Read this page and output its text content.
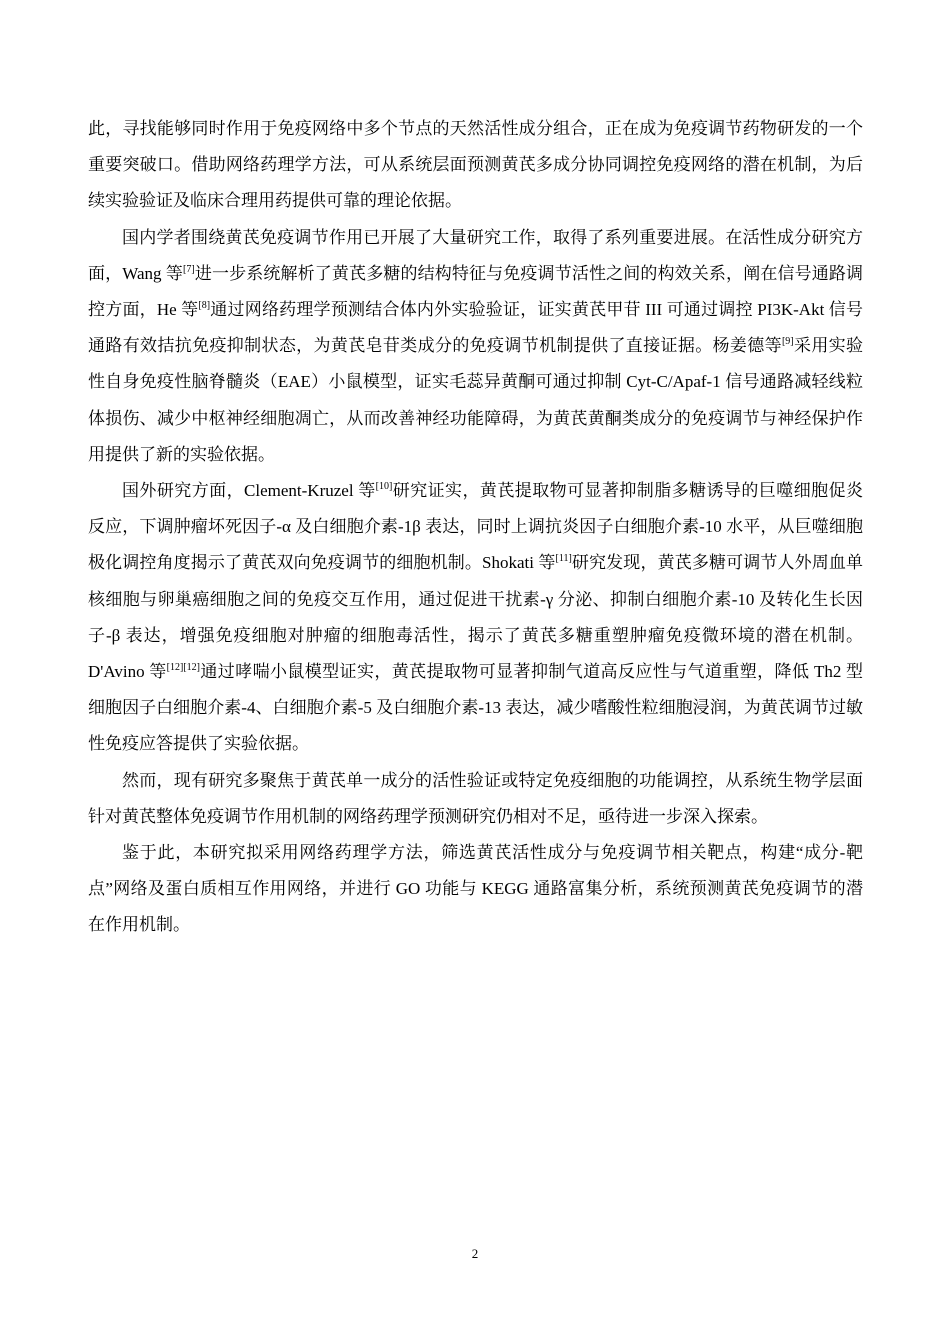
此，寻找能够同时作用于免疫网络中多个节点的天然活性成分组合，正在成为免疫调节药物研发的一个重要突破口。借助网络药理学方法，可从系统层面预测黄芪多成分协同调控免疫网络的潜在机制，为后续实验验证及临床合理用药提供可靠的理论依据。

国内学者围绕黄芪免疫调节作用已开展了大量研究工作，取得了系列重要进展。在活性成分研究方面，Wang 等[7]进一步系统解析了黄芪多糖的结构特征与免疫调节活性之间的构效关系，阐在信号通路调控方面，He 等[8]通过网络药理学预测结合体内外实验验证，证实黄芪甲苷 III 可通过调控 PI3K-Akt 信号通路有效拮抗免疫抑制状态，为黄芪皂苷类成分的免疫调节机制提供了直接证据。杨姜德等[9]采用实验性自身免疫性脑脊髓炎（EAE）小鼠模型，证实毛蕊异黄酮可通过抑制 Cyt-C/Apaf-1 信号通路减轻线粒体损伤、减少中枢神经细胞凋亡，从而改善神经功能障碍，为黄芪黄酮类成分的免疫调节与神经保护作用提供了新的实验依据。

国外研究方面，Clement-Kruzel 等[10]研究证实，黄芪提取物可显著抑制脂多糖诱导的巨噬细胞促炎反应，下调肿瘤坏死因子-α 及白细胞介素-1β 表达，同时上调抗炎因子白细胞介素-10 水平，从巨噬细胞极化调控角度揭示了黄芪双向免疫调节的细胞机制。Shokati 等[11]研究发现，黄芪多糖可调节人外周血单核细胞与卵巢癌细胞之间的免疫交互作用，通过促进干扰素-γ 分泌、抑制白细胞介素-10 及转化生长因子-β 表达，增强免疫细胞对肿瘤的细胞毒活性，揭示了黄芪多糖重塑肿瘤免疫微环境的潜在机制。D'Avino 等[12][12]通过哮喘小鼠模型证实，黄芪提取物可显著抑制气道高反应性与气道重塑，降低 Th2 型细胞因子白细胞介素-4、白细胞介素-5 及白细胞介素-13 表达，减少嗜酸性粒细胞浸润，为黄芪调节过敏性免疫应答提供了实验依据。

然而，现有研究多聚焦于黄芪单一成分的活性验证或特定免疫细胞的功能调控，从系统生物学层面针对黄芪整体免疫调节作用机制的网络药理学预测研究仍相对不足，亟待进一步深入探索。

鉴于此，本研究拟采用网络药理学方法，筛选黄芪活性成分与免疫调节相关靶点，构建“成分-靶点”网络及蛋白质相互作用网络，并进行 GO 功能与 KEGG 通路富集分析，系统预测黄芪免疫调节的潜在作用机制。

2
